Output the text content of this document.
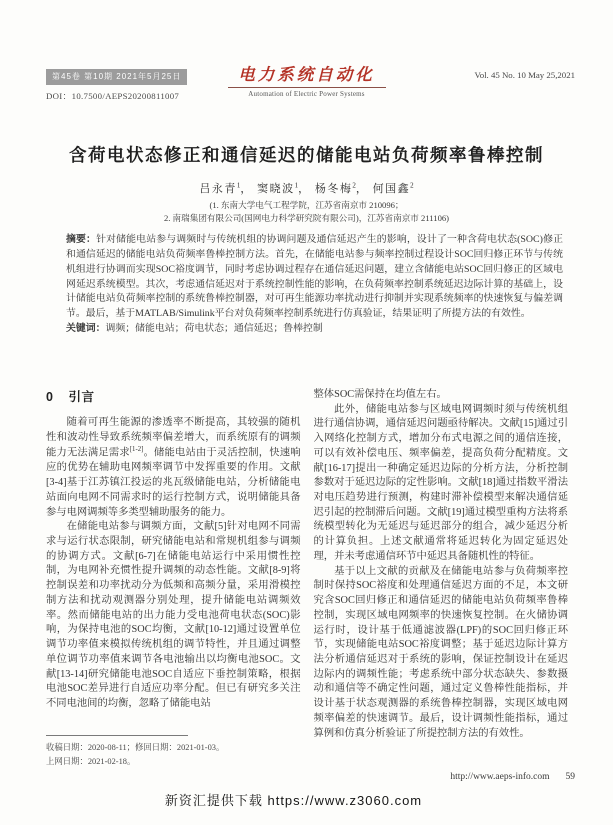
第45卷 第10期 2021年5月25日
DOI：10.7500/AEPS20200811007
电力系统自动化
Automation of Electric Power Systems
Vol. 45 No. 10 May 25,2021
含荷电状态修正和通信延迟的储能电站负荷频率鲁棒控制
吕永青$^1$， 窦晓波$^1$， 杨冬梅$^2$， 何国鑫$^2$
(1. 东南大学电气工程学院，江苏省南京市 210096；
2. 南瑞集团有限公司(国网电力科学研究院有限公司)，江苏省南京市 211106)

摘要：针对储能电站参与调频时与传统机组的协调问题及通信延迟产生的影响，设计了一种含荷电状态(SOC)修正和通信延迟的储能电站负荷频率鲁棒控制方法。首先，在储能电站参与频率控制过程设计SOC回归修正环节与传统机组进行协调而实现SOC裕度调节，同时考虑协调过程存在通信延迟问题，建立含储能电站SOC回归修正的区域电网延迟系统模型。其次，考虑通信延迟对于系统控制性能的影响，在负荷频率控制系统延迟边际计算的基础上，设计储能电站负荷频率控制的系统鲁棒控制器，对可再生能源功率扰动进行抑制并实现系统频率的快速恢复与偏差调节。最后，基于MATLAB/Simulink平台对负荷频率控制系统进行仿真验证，结果证明了所提方法的有效性。

关键词：调频；储能电站；荷电状态；通信延迟；鲁棒控制

0 引言

随着可再生能源的渗透率不断提高，其较强的随机性和波动性导致系统频率偏差增大，而系统原有的调频能力无法满足需求[1-2]。储能电站由于灵活控制，快速响应的优势在辅助电网频率调节中发挥重要的作用。文献[3-4]基于江苏镇江投运的兆瓦级储能电站，分析储能电站面向电网不同需求时的运行控制方式，说明储能具备参与电网调频等多类型辅助服务的能力。

在储能电站参与调频方面，文献[5]针对电网不同需求与运行状态限制，研究储能电站和常规机组参与调频的协调方式。文献[6-7]在储能电站运行中采用惯性控制，为电网补充惯性提升调频的动态性能。文献[8-9]将控制误差和功率扰动分为低频和高频分量，采用滑模控制方法和扰动观测器分别处理，提升储能电站调频效率。然而储能电站的出力能力受电池荷电状态(SOC)影响，为保持电池的SOC均衡，文献[10-12]通过设置单位调节功率值来模拟传统机组的调节特性，并且通过调整单位调节功率值来调节各电池输出以均衡电池SOC。文献[13-14]研究储能电池SOC自适应下垂控制策略，根据电池SOC差异进行自适应功率分配。但已有研究多关注不同电池间的均衡，忽略了储能电站

整体SOC需保持在均值左右。

此外，储能电站参与区域电网调频时须与传统机组进行通信协调，通信延迟问题亟待解决。文献[15]通过引入网络化控制方式，增加分布式电源之间的通信连接，可以有效补偿电压、频率偏差，提高负荷分配精度。文献[16-17]提出一种确定延迟边际的分析方法，分析控制参数对于延迟边际的定性影响。文献[18]通过指数平滑法对电压趋势进行预测，构建时滞补偿模型来解决通信延迟引起的控制滞后问题。文献[19]通过模型重构方法将系统模型转化为无延迟与延迟部分的组合，减少延迟分析的计算负担。上述文献通常将延迟转化为固定延迟处理，并未考虑通信环节中延迟具备随机性的特征。

基于以上文献的贡献及在储能电站参与负荷频率控制时保持SOC裕度和处理通信延迟方面的不足，本文研究含SOC回归修正和通信延迟的储能电站负荷频率鲁棒控制，实现区域电网频率的快速恢复控制。在火储协调运行时，设计基于低通滤波器(LPF)的SOC回归修正环节，实现储能电站SOC裕度调整；基于延迟边际计算方法分析通信延迟对于系统的影响，保证控制设计在延迟边际内的调频性能；考虑系统中部分状态缺失、参数摄动和通信等不确定性问题，通过定义鲁棒性能指标，并设计基于状态观测器的系统鲁棒控制器，实现区域电网频率偏差的快速调节。最后，设计调频性能指标，通过算例和仿真分析验证了所提控制方法的有效性。

收稿日期：2020-08-11；修回日期：2021-01-03。
上网日期：2021-02-18。
http://www.aeps-info.com 59
新资汇提供下载 https://www.z3060.com
